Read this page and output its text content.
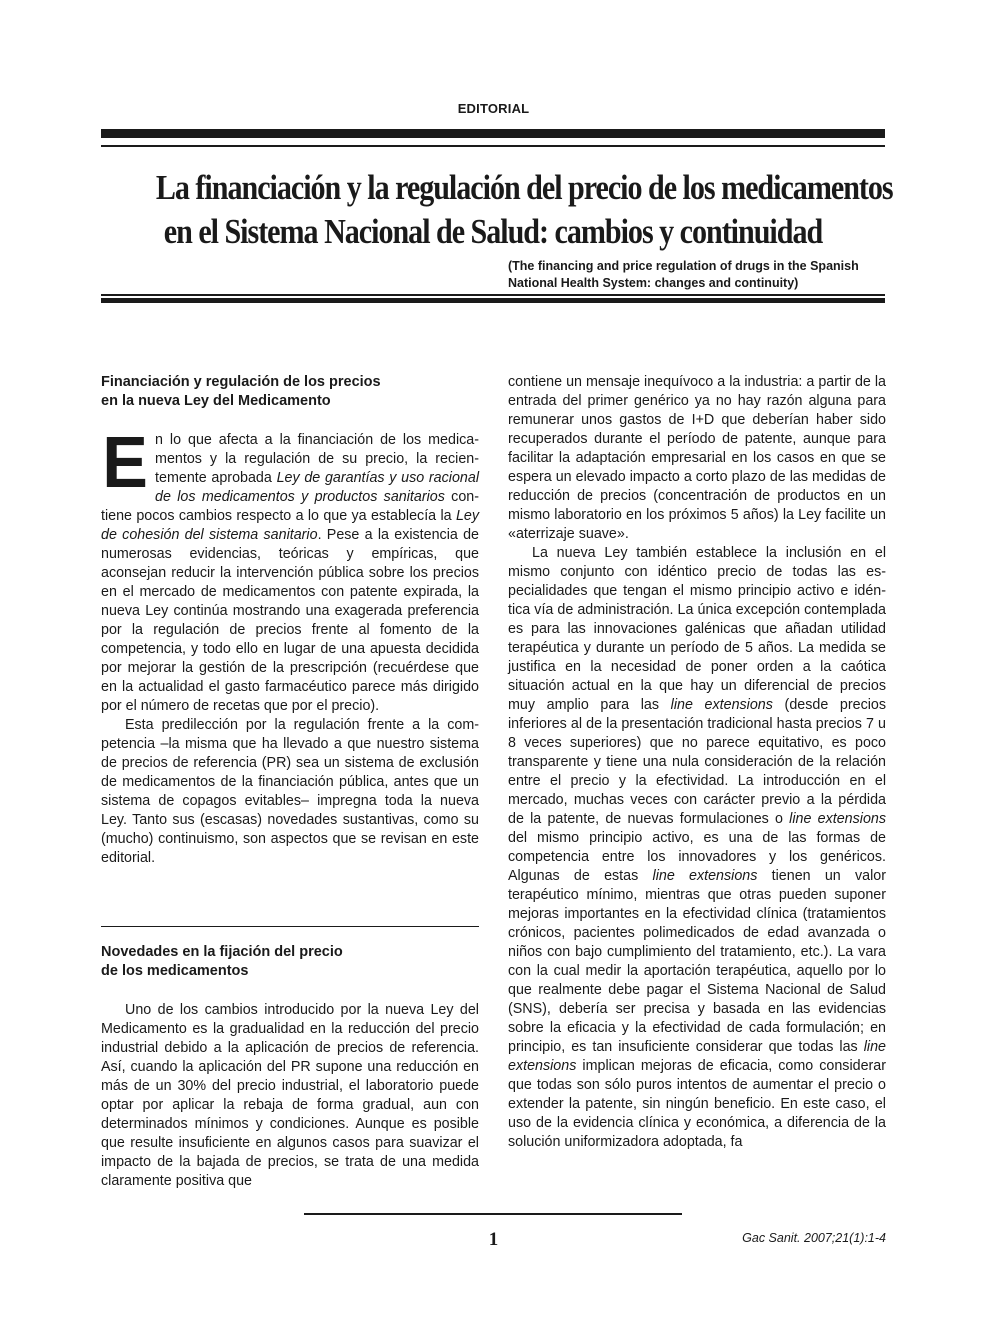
EDITORIAL
La financiación y la regulación del precio de los medicamentos
en el Sistema Nacional de Salud: cambios y continuidad
(The financing and price regulation of drugs in the Spanish
National Health System: changes and continuity)
Financiación y regulación de los precios
en la nueva Ley del Medicamento

En lo que afecta a la financiación de los medicamentos y la regulación de su precio, la recientemente aprobada Ley de garantías y uso racional de los medicamentos y productos sanitarios contiene pocos cambios respecto a lo que ya establecía la Ley de cohesión del sistema sanitario. Pese a la existencia de numerosas evidencias, teóricas y empíricas, que aconsejan reducir la intervención pública sobre los precios en el mercado de medicamentos con patente expirada, la nueva Ley continúa mostrando una exagerada preferencia por la regulación de precios frente al fomento de la competencia, y todo ello en lugar de una apuesta decidida por mejorar la gestión de la prescripción (recuérdese que en la actualidad el gasto farmacéutico parece más dirigido por el número de recetas que por el precio).

Esta predilección por la regulación frente a la competencia –la misma que ha llevado a que nuestro sistema de precios de referencia (PR) sea un sistema de exclusión de medicamentos de la financiación pública, antes que un sistema de copagos evitables– impregna toda la nueva Ley. Tanto sus (escasas) novedades sustantivas, como su (mucho) continuismo, son aspectos que se revisan en este editorial.

Novedades en la fijación del precio
de los medicamentos

Uno de los cambios introducido por la nueva Ley del Medicamento es la gradualidad en la reducción del precio industrial debido a la aplicación de precios de referencia. Así, cuando la aplicación del PR supone una reducción en más de un 30% del precio industrial, el laboratorio puede optar por aplicar la rebaja de forma gradual, aun con determinados mínimos y condiciones. Aunque es posible que resulte insuficiente en algunos casos para suavizar el impacto de la bajada de precios, se trata de una medida claramente positiva que

contiene un mensaje inequívoco a la industria: a partir de la entrada del primer genérico ya no hay razón alguna para remunerar unos gastos de I+D que deberían haber sido recuperados durante el período de patente, aunque para facilitar la adaptación empresarial en los casos en que se espera un elevado impacto a corto plazo de las medidas de reducción de precios (concentración de productos en un mismo laboratorio en los próximos 5 años) la Ley facilite un «aterrizaje suave».

La nueva Ley también establece la inclusión en el mismo conjunto con idéntico precio de todas las especialidades que tengan el mismo principio activo e idéntica vía de administración. La única excepción contemplada es para las innovaciones galénicas que añadan utilidad terapéutica y durante un período de 5 años. La medida se justifica en la necesidad de poner orden a la caótica situación actual en la que hay un diferencial de precios muy amplio para las line extensions (desde precios inferiores al de la presentación tradicional hasta precios 7 u 8 veces superiores) que no parece equitativo, es poco transparente y tiene una nula consideración de la relación entre el precio y la efectividad. La introducción en el mercado, muchas veces con carácter previo a la pérdida de la patente, de nuevas formulaciones o line extensions del mismo principio activo, es una de las formas de competencia entre los innovadores y los genéricos. Algunas de estas line extensions tienen un valor terapéutico mínimo, mientras que otras pueden suponer mejoras importantes en la efectividad clínica (tratamientos crónicos, pacientes polimedicados de edad avanzada o niños con bajo cumplimiento del tratamiento, etc.). La vara con la cual medir la aportación terapéutica, aquello por lo que realmente debe pagar el Sistema Nacional de Salud (SNS), debería ser precisa y basada en las evidencias sobre la eficacia y la efectividad de cada formulación; en principio, es tan insuficiente considerar que todas las line extensions implican mejoras de eficacia, como considerar que todas son sólo puros intentos de aumentar el precio o extender la patente, sin ningún beneficio. En este caso, el uso de la evidencia clínica y económica, a diferencia de la solución uniformizadora adoptada, fa

1	Gac Sanit. 2007;21(1):1-4
